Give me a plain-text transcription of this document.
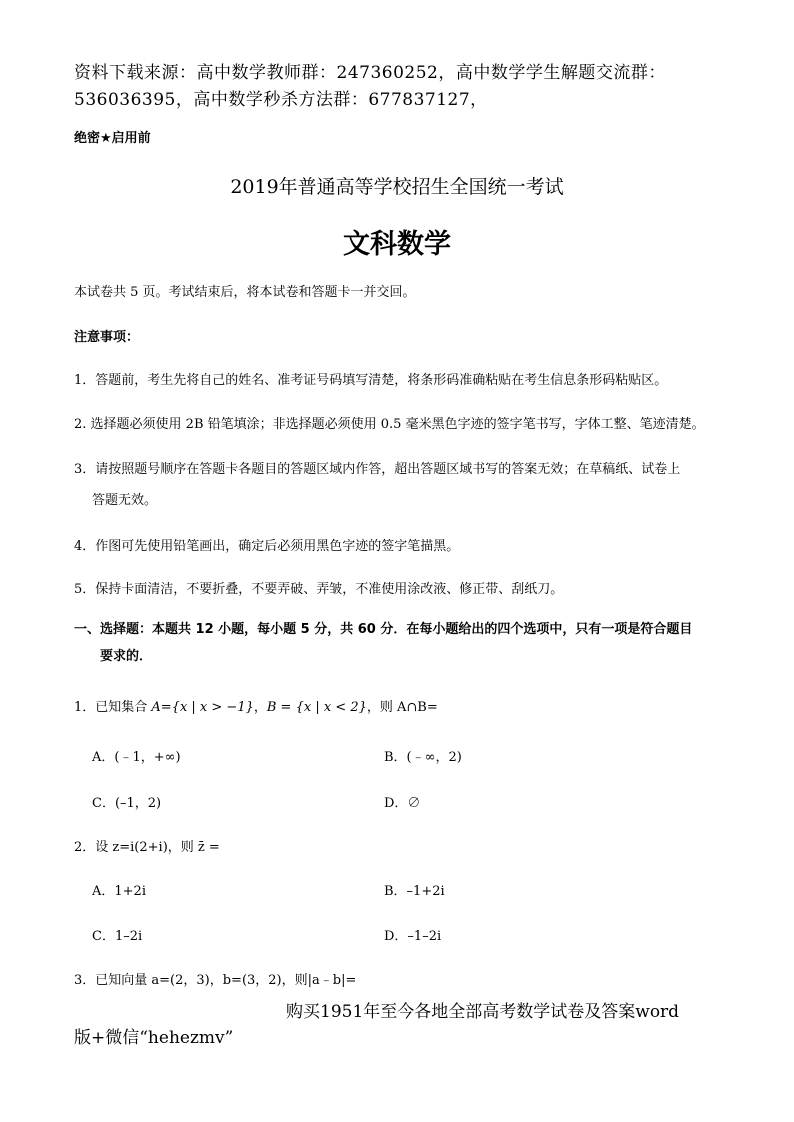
资料下载来源：高中数学教师群：247360252，高中数学学生解题交流群：
536036395，高中数学秒杀方法群：677837127，
绝密★启用前
2019年普通高等学校招生全国统一考试
文科数学
本试卷共 5 页。考试结束后，将本试卷和答题卡一并交回。
注意事项：
1．答题前，考生先将自己的姓名、准考证号码填写清楚，将条形码准确粘贴在考生信息条形码粘贴区。
2. 选择题必须使用 2B 铅笔填涂；非选择题必须使用 0.5 毫米黑色字迹的签字笔书写，字体工整、笔迹清楚。
3．请按照题号顺序在答题卡各题目的答题区域内作答，超出答题区域书写的答案无效；在草稿纸、试卷上
答题无效。
4．作图可先使用铅笔画出，确定后必须用黑色字迹的签字笔描黑。
5．保持卡面清洁，不要折叠，不要弄破、弄皱，不准使用涂改液、修正带、刮纸刀。
一、选择题：本题共 12 小题，每小题 5 分，共 60 分．在每小题给出的四个选项中，只有一项是符合题目
要求的．
1．已知集合 A={x | x > −1}，B = {x | x < 2}，则 A∩B=
A．(﹣1，+∞)	B．(﹣∞，2)
C．(–1，2)	D．∅
2．设 z=i(2+i)，则 z̄ =
A．1+2i	B．–1+2i
C．1–2i	D．–1–2i
3．已知向量 a=(2，3)，b=(3，2)，则|a﹣b|=
购买1951年至今各地全部高考数学试卷及答案word
版+微信“hehezmv”
